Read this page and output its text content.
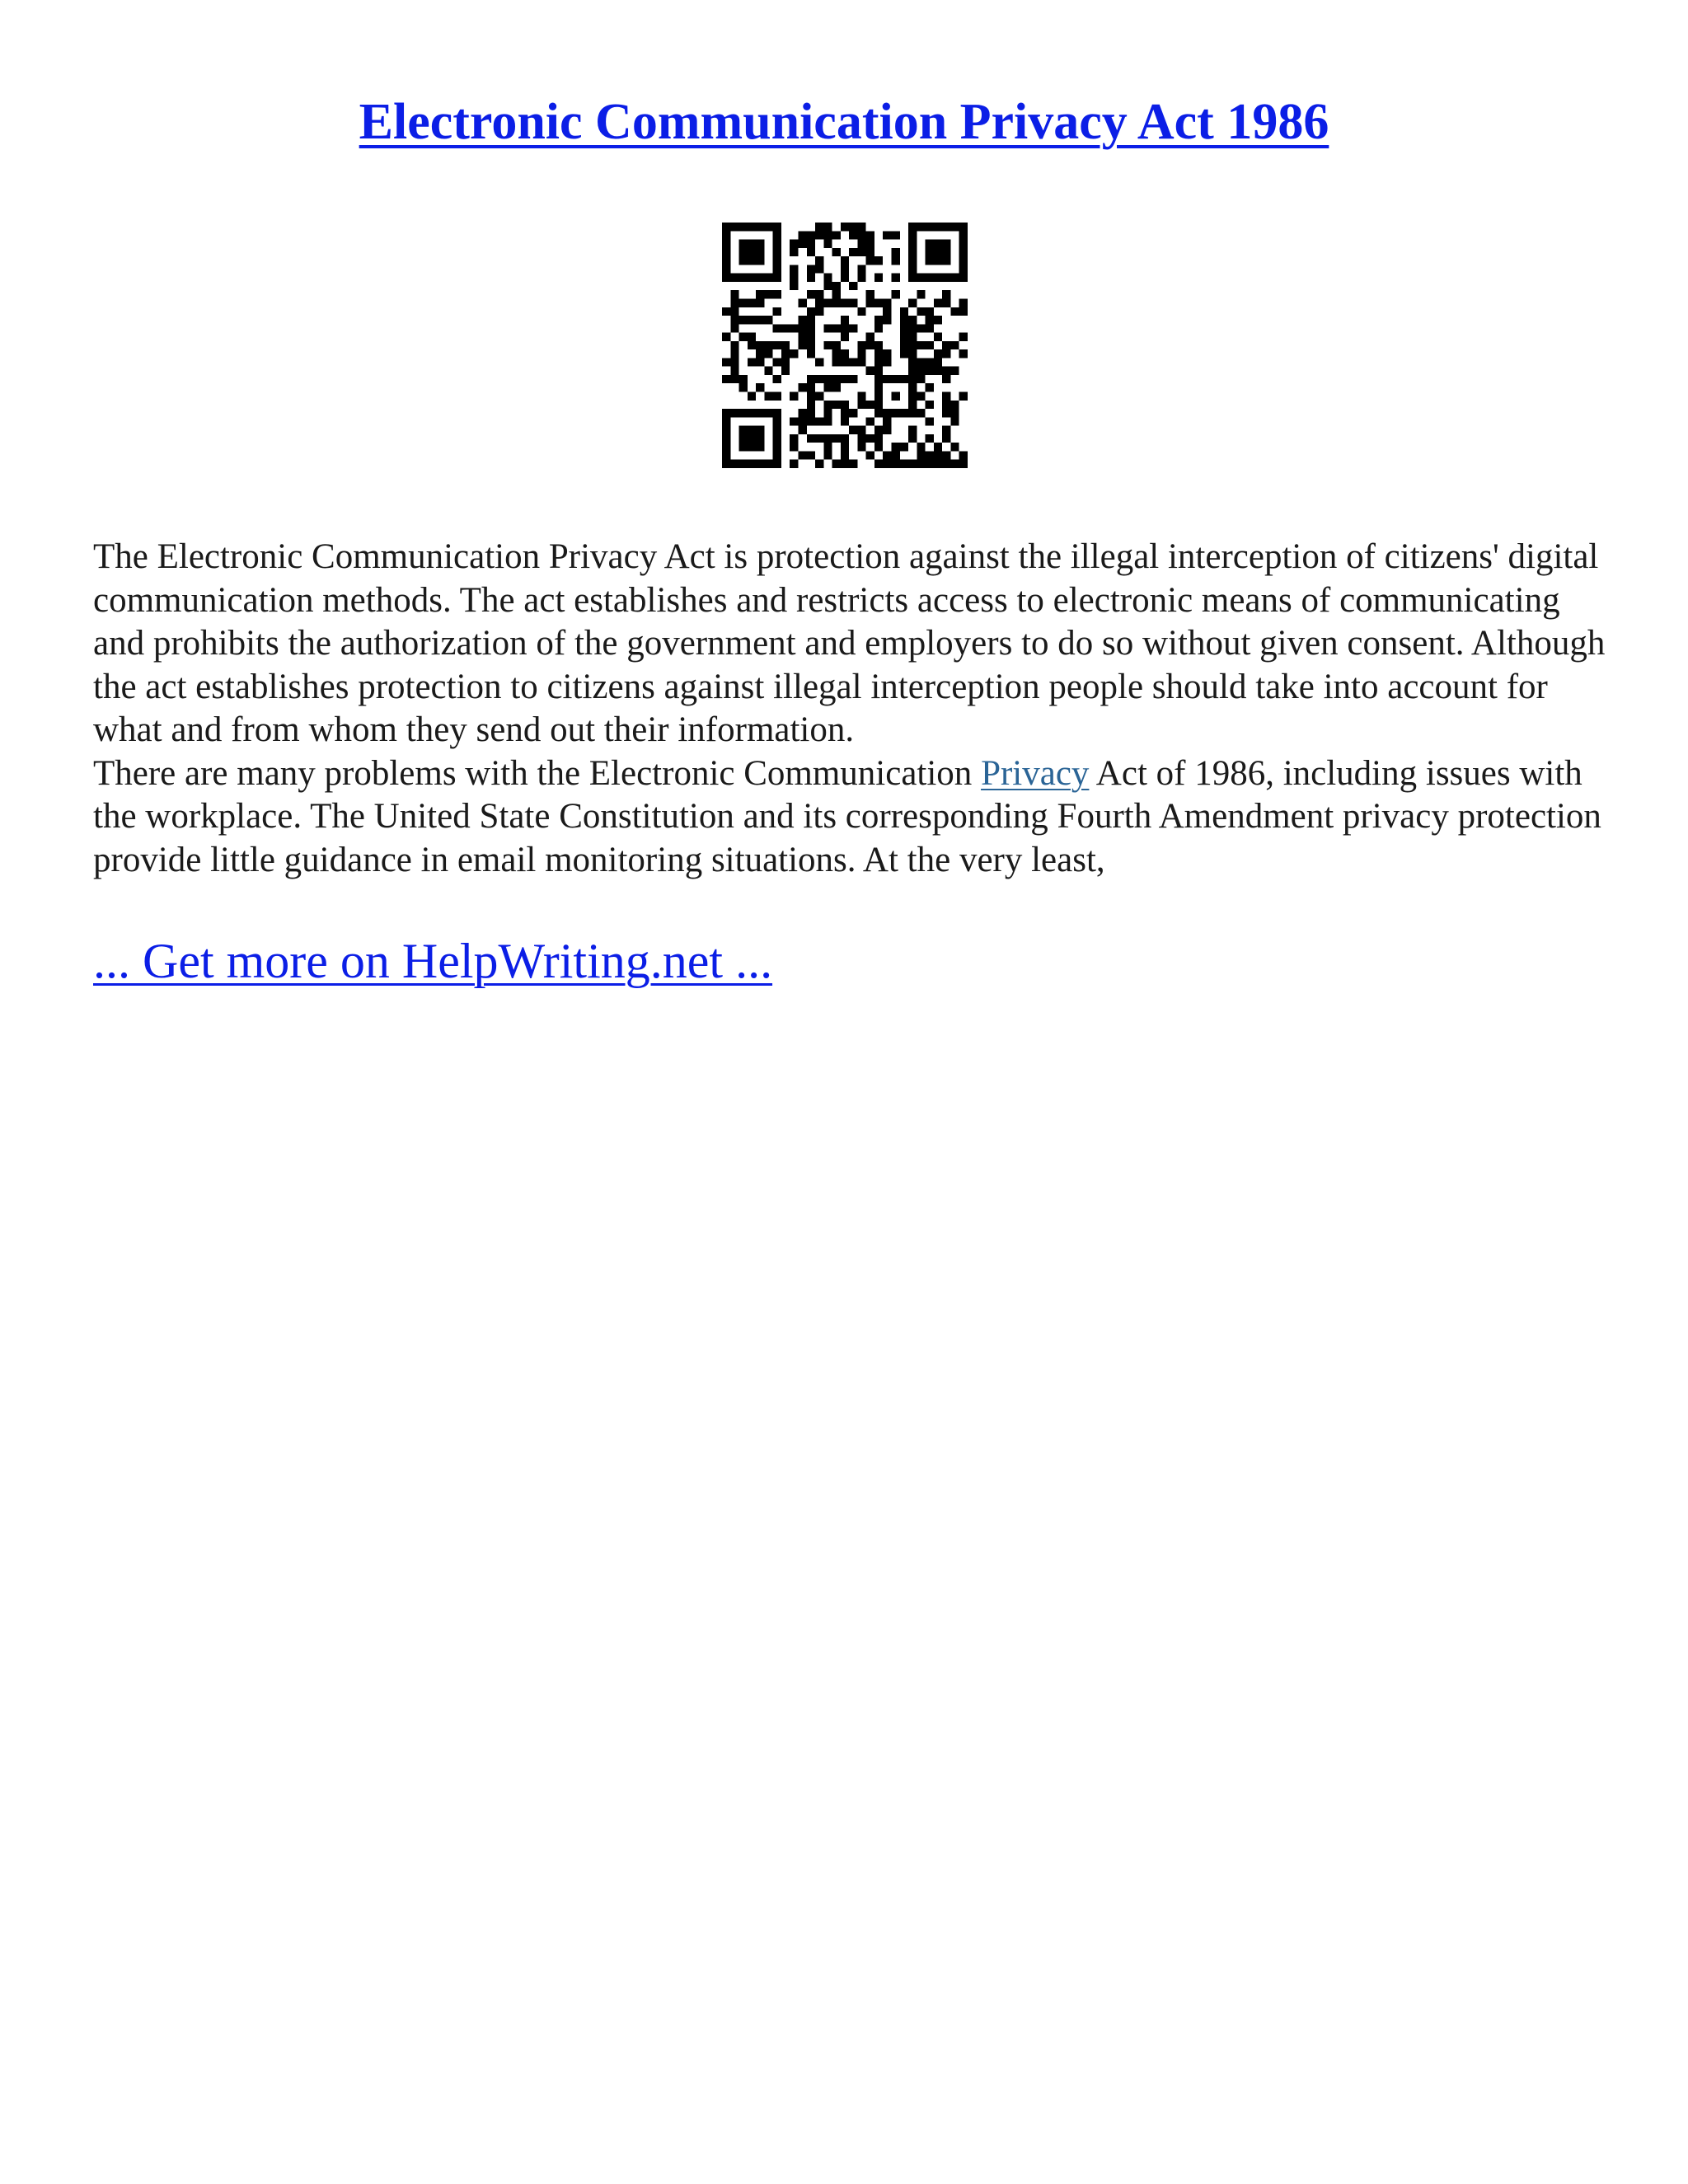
Electronic Communication Privacy Act 1986

The Electronic Communication Privacy Act is protection against the illegal interception of citizens' digital communication methods. The act establishes and restricts access to electronic means of communicating and prohibits the authorization of the government and employers to do so without given consent. Although the act establishes protection to citizens against illegal interception people should take into account for what and from whom they send out their information.

There are many problems with the Electronic Communication Privacy Act of 1986, including issues with the workplace. The United State Constitution and its corresponding Fourth Amendment privacy protection provide little guidance in email monitoring situations. At the very least,

... Get more on HelpWriting.net ...
